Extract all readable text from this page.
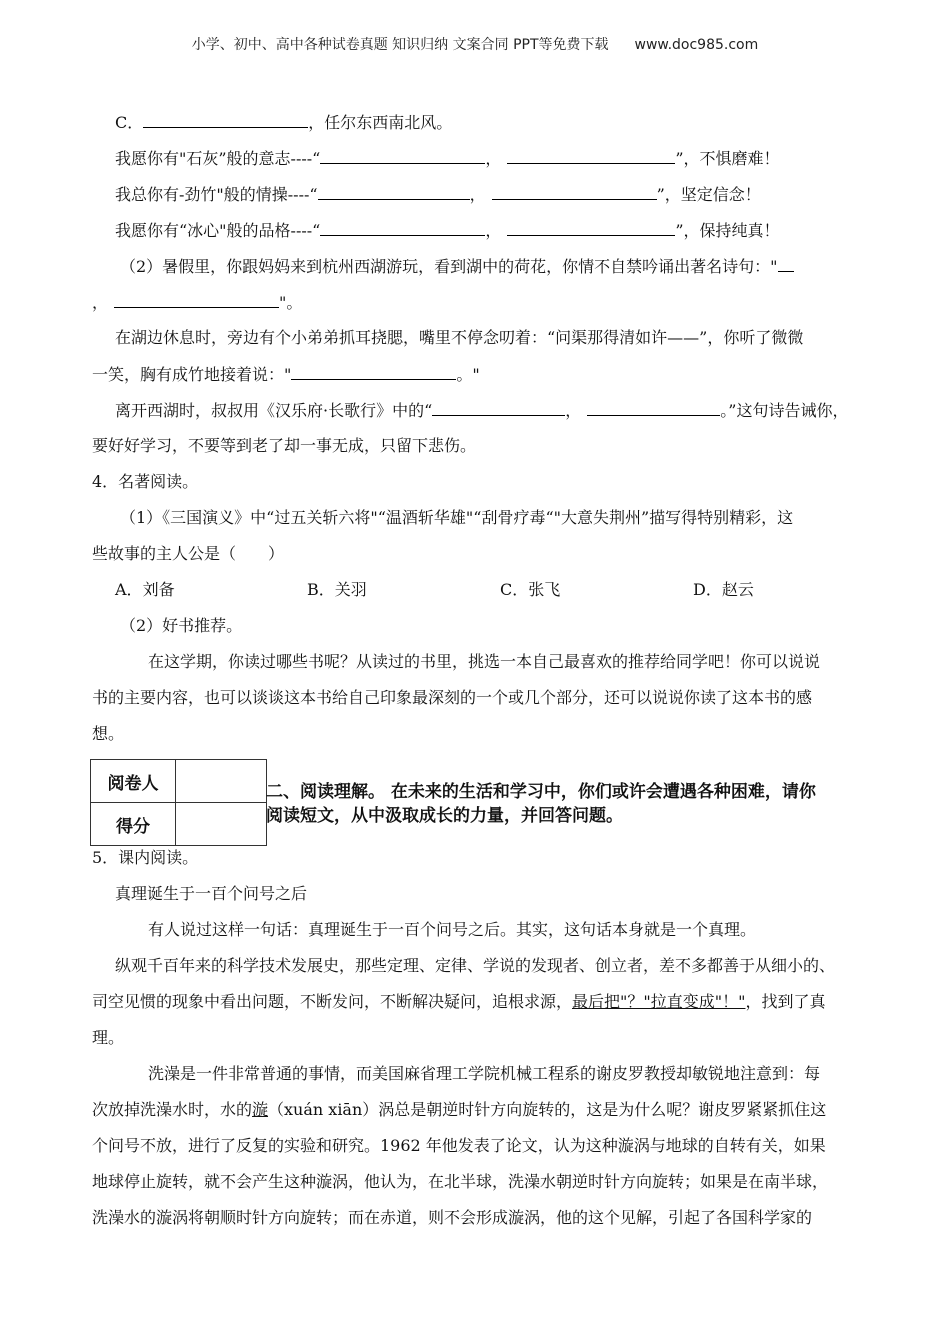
小学、初中、高中各种试卷真题 知识归纳 文案合同 PPT等免费下载 www.doc985.com
C．	，任尔东西南北风。
我愿你有"石灰”般的意志----“	，	”，不惧磨难！
我总你有-劲竹"般的情操----“	，	”，坚定信念！
我愿你有“冰心"般的品格----“	，	”，保持纯真！
（2）暑假里，你跟妈妈来到杭州西湖游玩，看到湖中的荷花，你情不自禁吟诵出著名诗句："
，	"。
在湖边休息时，旁边有个小弟弟抓耳挠腮，嘴里不停念叨着：“问渠那得清如许——”，你听了微微
一笑，胸有成竹地接着说："	。"
离开西湖时，叔叔用《汉乐府·长歌行》中的“	，	。”这句诗告诫你，
要好好学习，不要等到老了却一事无成，只留下悲伤。
4．名著阅读。
（1）《三国演义》中“过五关斩六将"“温酒斩华雄"“刮骨疗毒“"大意失荆州”描写得特别精彩，这
些故事的主人公是（　　）
A．刘备	B．关羽	C．张飞	D．赵云
（2）好书推荐。
在这学期，你读过哪些书呢？从读过的书里，挑选一本自己最喜欢的推荐给同学吧！你可以说说
书的主要内容，也可以谈谈这本书给自己印象最深刻的一个或几个部分，还可以说说你读了这本书的感
想。
阅卷人	
得分	
二、阅读理解。 在未来的生活和学习中，你们或许会遭遇各种困难，请你
阅读短文，从中汲取成长的力量，并回答问题。
5．课内阅读。
真理诞生于一百个问号之后
有人说过这样一句话：真理诞生于一百个问号之后。其实，这句话本身就是一个真理。
纵观千百年来的科学技术发展史，那些定理、定律、学说的发现者、创立者，差不多都善于从细小的、
司空见惯的现象中看出问题，不断发问，不断解决疑问，追根求源，最后把"？"拉直变成"！"，找到了真
理。
洗澡是一件非常普通的事情，而美国麻省理工学院机械工程系的谢皮罗教授却敏锐地注意到：每
次放掉洗澡水时，水的漩（xuán xiān）涡总是朝逆时针方向旋转的，这是为什么呢？谢皮罗紧紧抓住这
个问号不放，进行了反复的实验和研究。1962 年他发表了论文，认为这种漩涡与地球的自转有关，如果
地球停止旋转，就不会产生这种漩涡，他认为，在北半球，洗澡水朝逆时针方向旋转；如果是在南半球，
洗澡水的漩涡将朝顺时针方向旋转；而在赤道，则不会形成漩涡，他的这个见解，引起了各国科学家的
